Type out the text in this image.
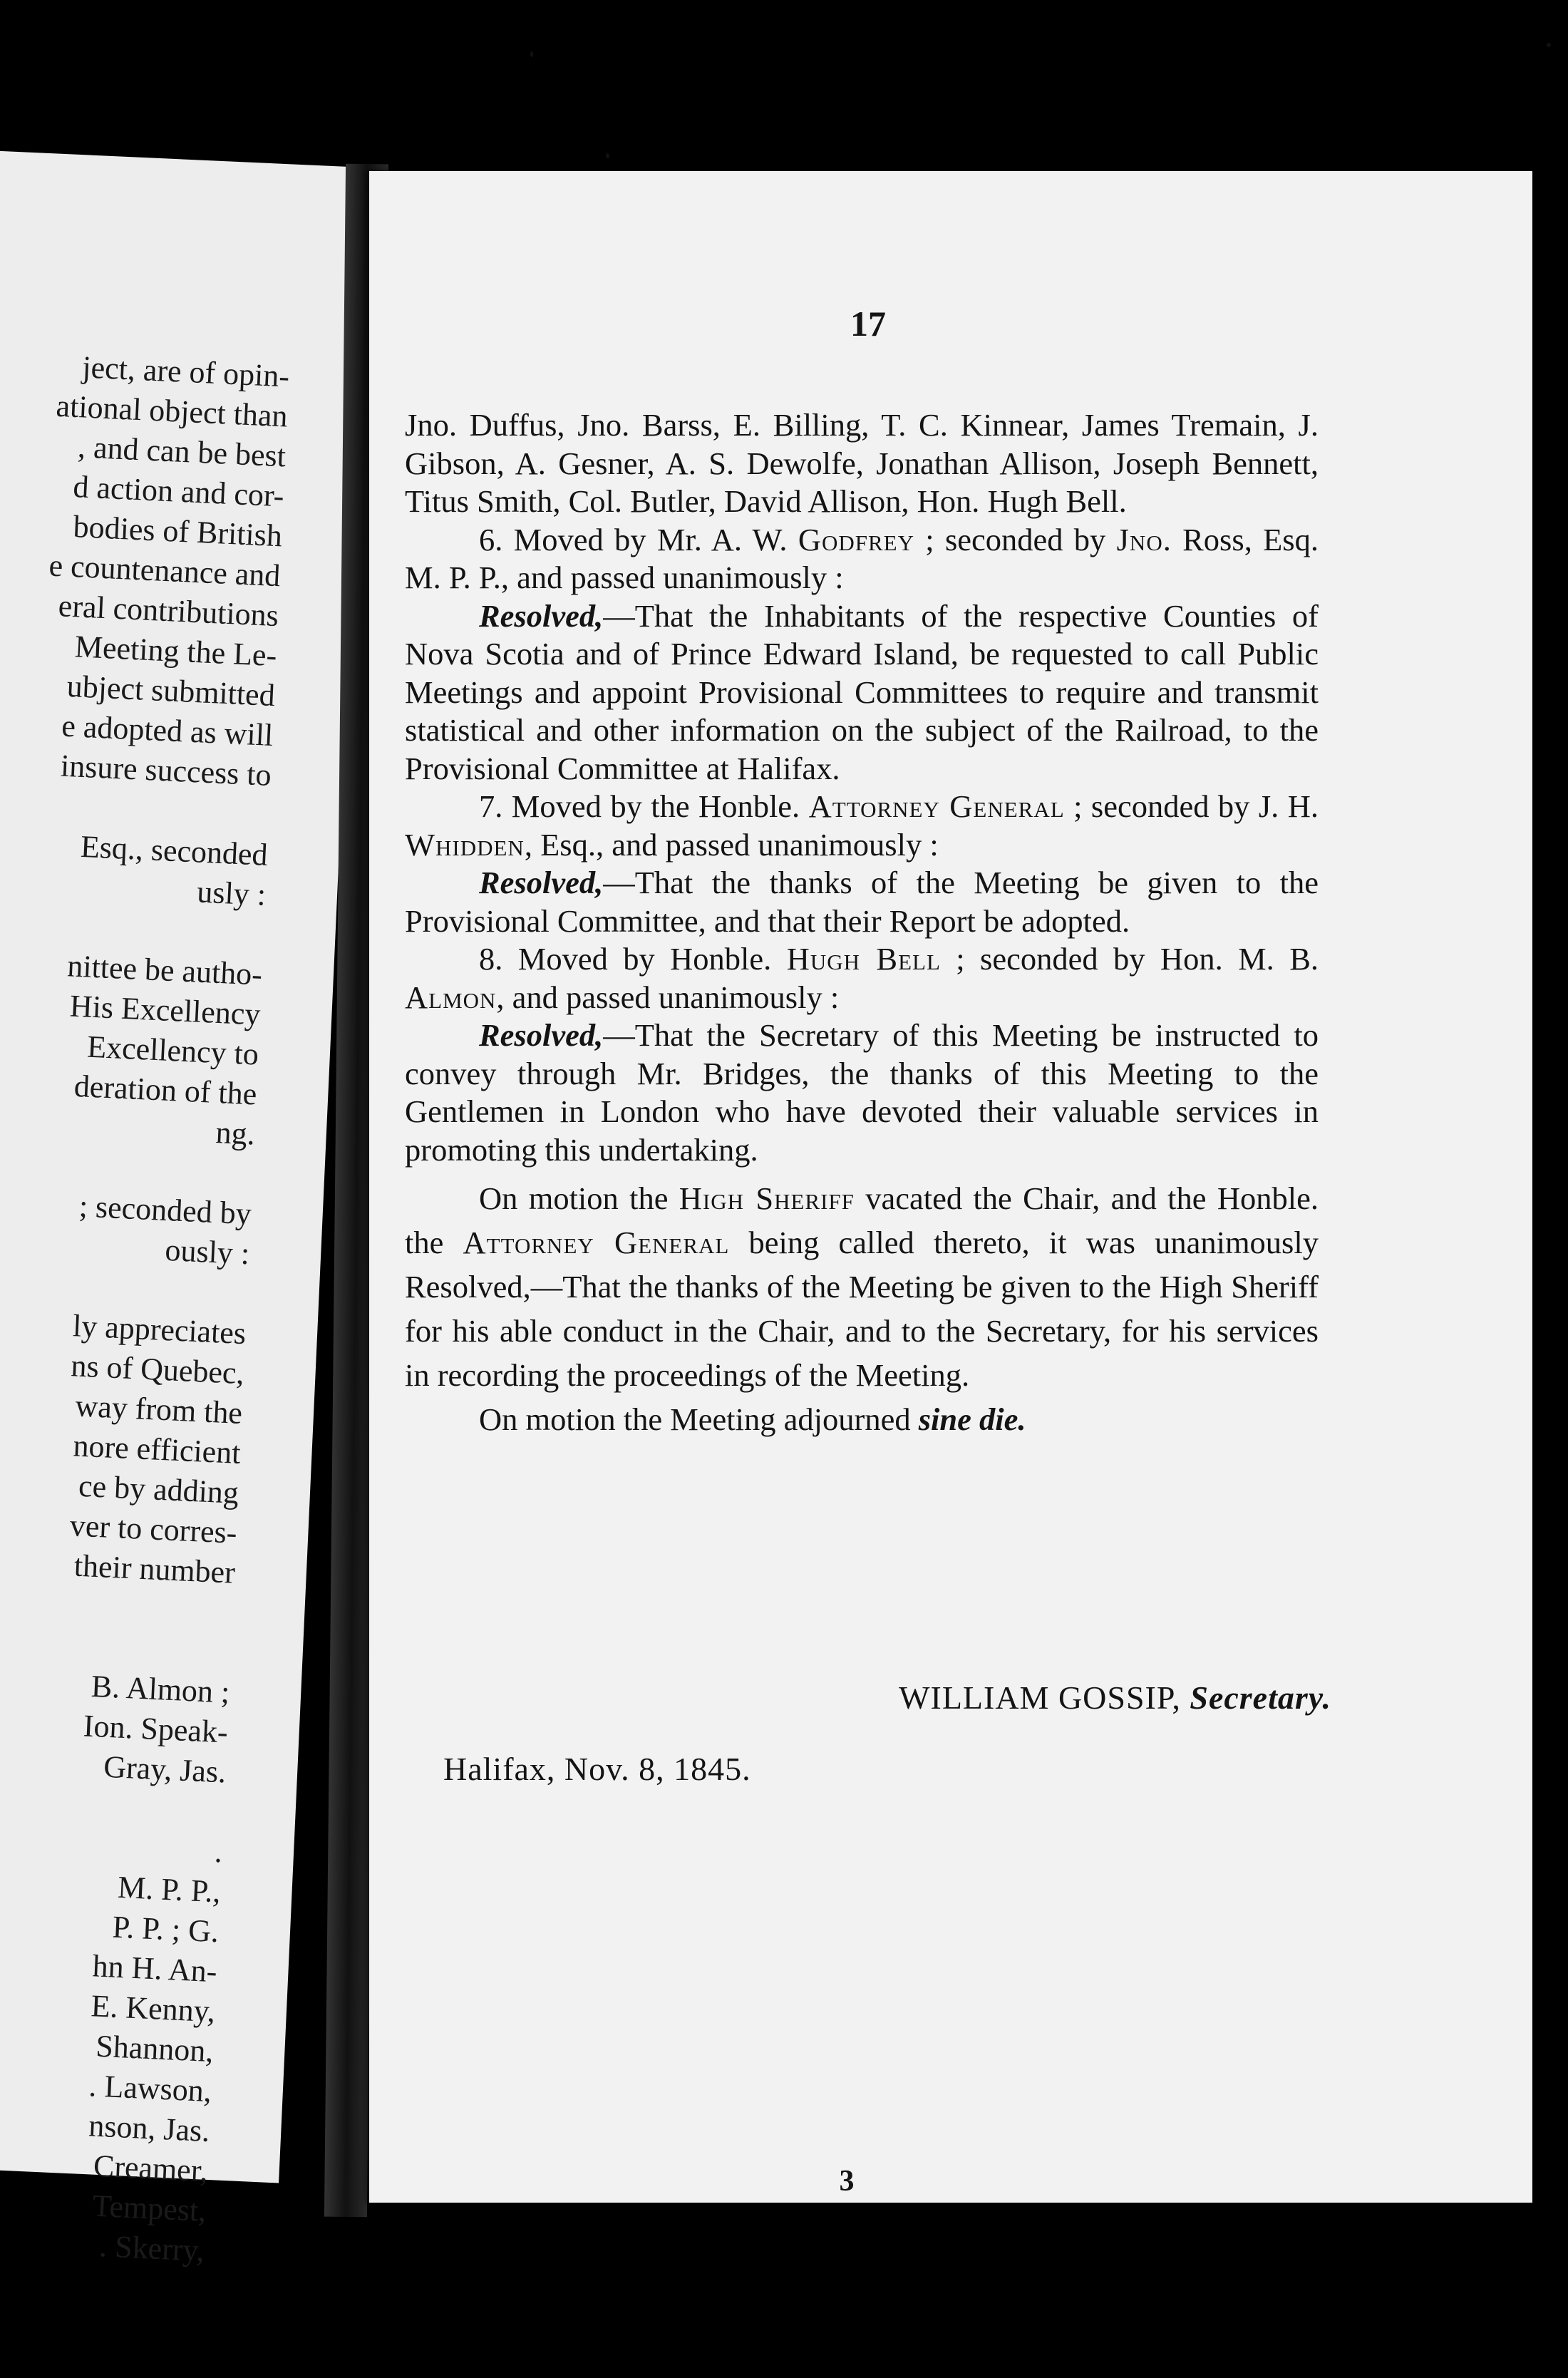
ject, are of opin-
ational object than
, and can be best
d action and cor-
bodies of British
e countenance and
eral contributions
Meeting the Le-
ubject submitted
e adopted as will
insure success to

Esq., seconded
usly :

nittee be autho-
His Excellency
Excellency to
deration of the
ng.

; seconded by
ously :

ly appreciates
ns of Quebec,
way from the
nore efficient
ce by adding
ver to corres-
their number

B. Almon ;
Ion. Speak-
Gray, Jas.

.
M. P. P.,
P. P. ; G.
hn H. An-
E. Kenny,
Shannon,
. Lawson,
nson, Jas.
Creamer,
Tempest,
. Skerry,
17

Jno. Duffus, Jno. Barss, E. Billing, T. C. Kinnear, James Tremain, J. Gibson, A. Gesner, A. S. Dewolfe, Jonathan Allison, Joseph Bennett, Titus Smith, Col. Butler, David Allison, Hon. Hugh Bell.

6. Moved by Mr. A. W. Godfrey ; seconded by Jno. Ross, Esq. M. P. P., and passed unanimously :

Resolved,—That the Inhabitants of the respective Counties of Nova Scotia and of Prince Edward Island, be requested to call Public Meetings and appoint Provisional Committees to require and transmit statistical and other information on the subject of the Railroad, to the Provisional Committee at Halifax.

7. Moved by the Honble. Attorney General ; seconded by J. H. Whidden, Esq., and passed unanimously :

Resolved,—That the thanks of the Meeting be given to the Provisional Committee, and that their Report be adopted.

8. Moved by Honble. Hugh Bell ; seconded by Hon. M. B. Almon, and passed unanimously :

Resolved,—That the Secretary of this Meeting be instructed to convey through Mr. Bridges, the thanks of this Meeting to the Gentlemen in London who have devoted their valuable services in promoting this undertaking.

On motion the High Sheriff vacated the Chair, and the Honble. the Attorney General being called thereto, it was unanimously Resolved,—That the thanks of the Meeting be given to the High Sheriff for his able conduct in the Chair, and to the Secretary, for his services in recording the proceedings of the Meeting.

On motion the Meeting adjourned sine die.

WILLIAM GOSSIP, Secretary.
Halifax, Nov. 8, 1845.
3
